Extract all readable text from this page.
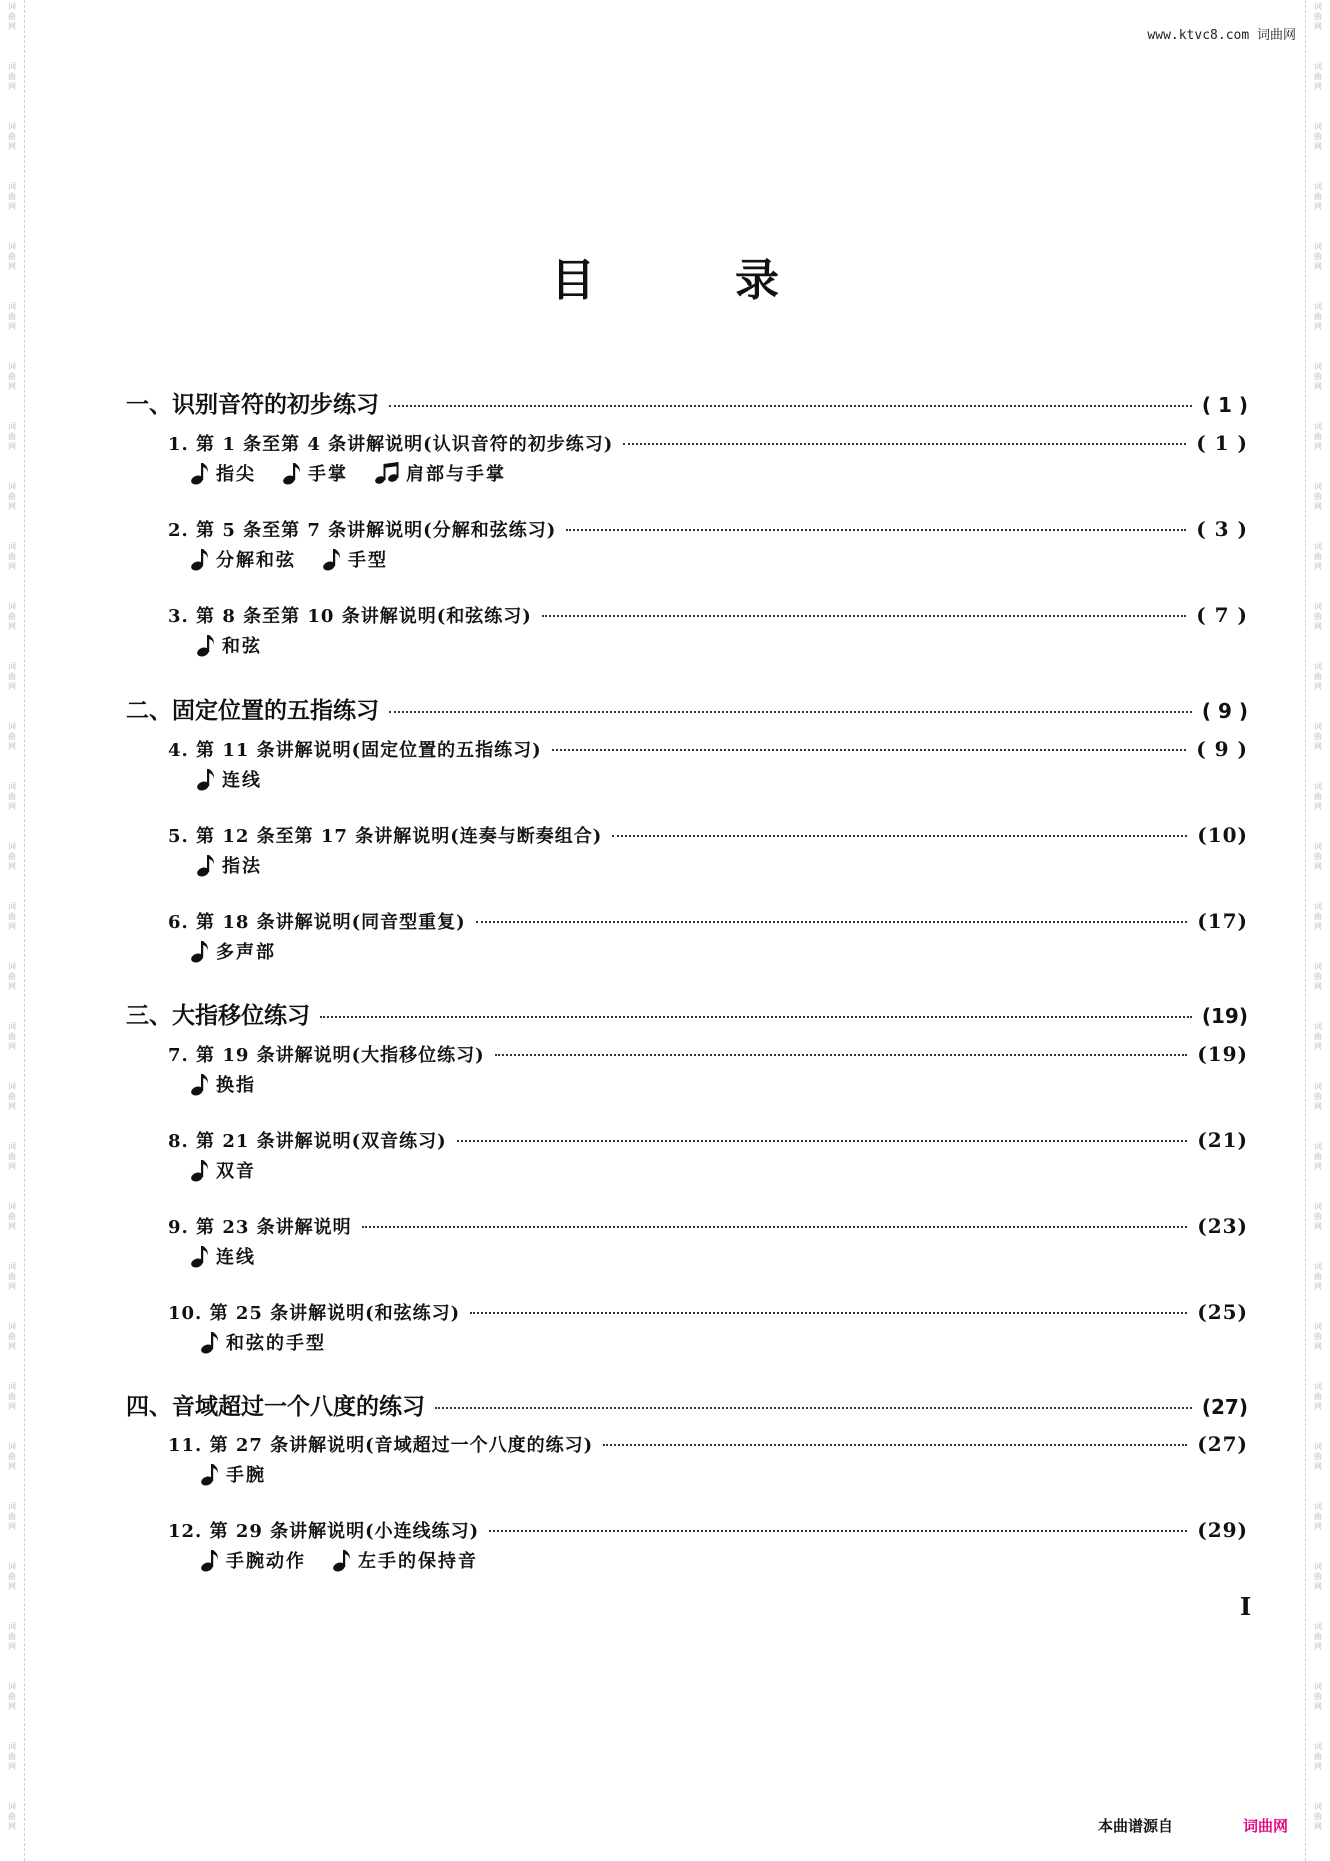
词
曲
网
词
曲
网
词
曲
网
词
曲
网
词
曲
网
词
曲
网
词
曲
网
词
曲
网
词
曲
网
词
曲
网
词
曲
网
词
曲
网
词
曲
网
词
曲
网
词
曲
网
词
曲
网
词
曲
网
词
曲
网
词
曲
网
词
曲
网
词
曲
网
词
曲
网
词
曲
网
词
曲
网
词
曲
网
词
曲
网
词
曲
网
词
曲
网
词
曲
网
词
曲
网
词
曲
网
词
曲
网
词
曲
网
词
曲
网
词
曲
网
词
曲
网
词
曲
网
词
曲
网
词
曲
网
词
曲
网
词
曲
网
词
曲
网
词
曲
网
词
曲
网
词
曲
网
词
曲
网
词
曲
网
词
曲
网
词
曲
网
词
曲
网
词
曲
网
词
曲
网
词
曲
网
词
曲
网
词
曲
网
词
曲
网
词
曲
网
词
曲
网
词
曲
网
词
曲
网
词
曲
网
词
曲
网
www.ktvc8.com 词曲网
目录
一、识别音符的初步练习	( 1 )
1. 第 1 条至第 4 条讲解说明(认识音符的初步练习)	( 1 )
2. 第 5 条至第 7 条讲解说明(分解和弦练习)	( 3 )
3. 第 8 条至第 10 条讲解说明(和弦练习)	( 7 )
二、固定位置的五指练习	( 9 )
4. 第 11 条讲解说明(固定位置的五指练习)	( 9 )
5. 第 12 条至第 17 条讲解说明(连奏与断奏组合)	(10)
6. 第 18 条讲解说明(同音型重复)	(17)
三、大指移位练习	(19)
7. 第 19 条讲解说明(大指移位练习)	(19)
8. 第 21 条讲解说明(双音练习)	(21)
9. 第 23 条讲解说明	(23)
10. 第 25 条讲解说明(和弦练习)	(25)
四、音域超过一个八度的练习	(27)
11. 第 27 条讲解说明(音域超过一个八度的练习)	(27)
12. 第 29 条讲解说明(小连线练习)	(29)
指尖	手掌	肩部与手掌
分解和弦	手型
和弦
连线
指法
多声部
换指
双音
连线
和弦的手型
手腕
手腕动作	左手的保持音
I
本曲谱源自	词曲网
